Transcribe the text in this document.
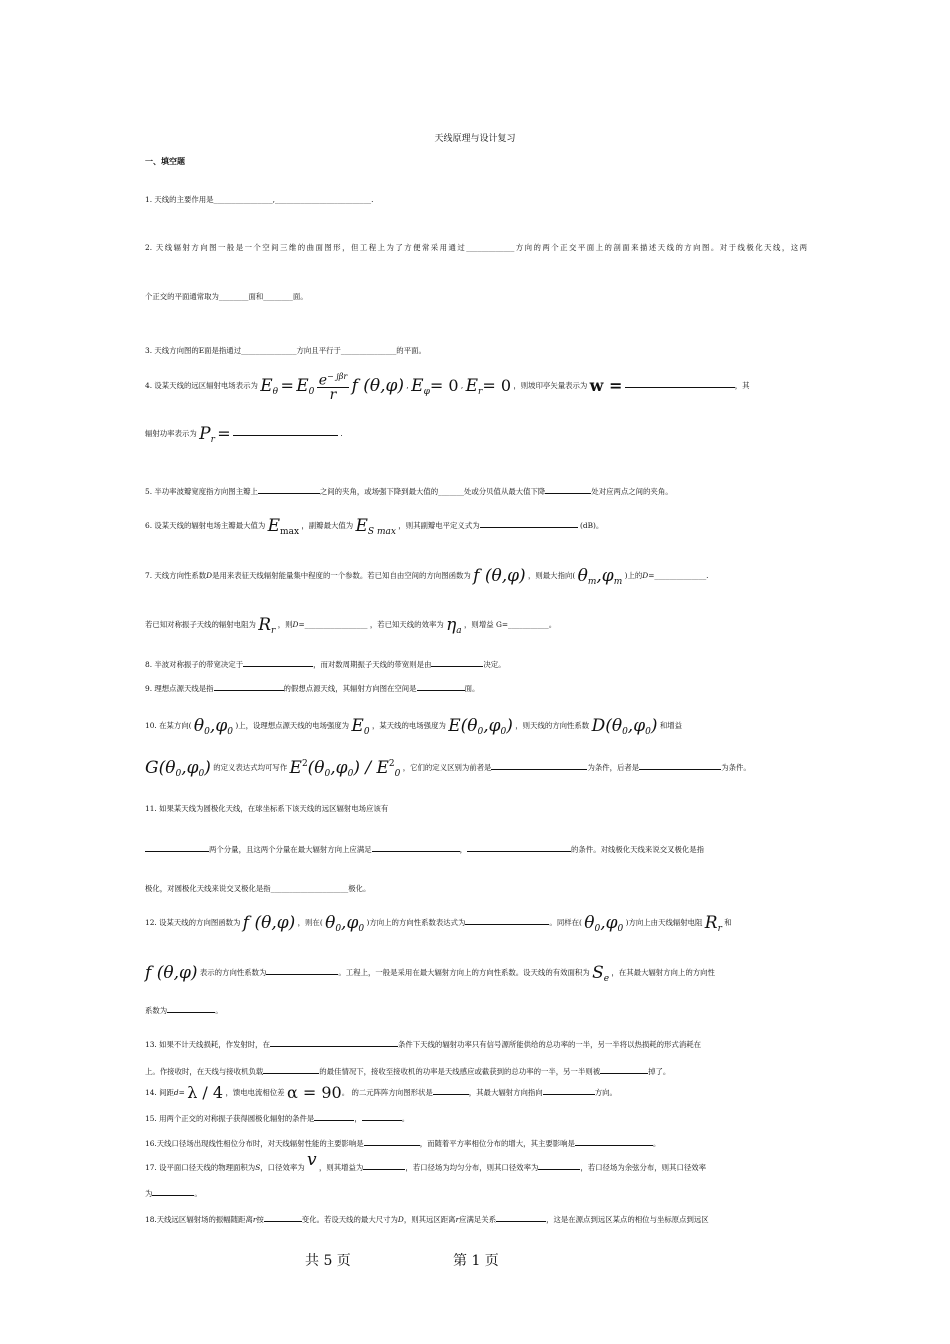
天线原理与设计复习
一、填空题
1. 天线的主要作用是________________,__________________________.
2. 天线辐射方向图一般是一个空间三维的曲面图形，但工程上为了方便常采用通过_____________方向的两个正交平面上的剖面来描述天线的方向图。对于线极化天线，这两
个正交的平面通常取为________面和________面。
3. 天线方向图的E面是指通过_______________方向且平行于_______________的平面。
4. 设某天线的远区辐射电场表示为 $E\theta = E0 \frac{e^{- j\beta r}}{r}$ f (θ,φ) , Eφ= 0 , Er= 0 ，则坡印亭矢量表示为 w =	，其
辐射功率表示为 Pr =	.
5. 半功率波瓣宽度指方向图主瓣上	之间的夹角，或场强下降到最大值的_______处或分贝值从最大值下降	处对应两点之间的夹角。
6. 设某天线的辐射电场主瓣最大值为 Emax ，副瓣最大值为 ES max ，则其副瓣电平定义式为	(dB)。
7. 天线方向性系数D是用来表征天线辐射能量集中程度的一个参数。若已知自由空间的方向图函数为 f (θ,φ) ，则最大指向( θm,φm )上的D=______________.
若已知对称振子天线的辐射电阻为 Rr ，则D=_________________ ，若已知天线的效率为 ηa ，则增益 G=___________。
8. 半波对称振子的带宽决定于	，而对数周期振子天线的带宽则是由	决定。
9. 理想点源天线是指	的假想点源天线，其辐射方向图在空间是	面。
10. 在某方向( θ0,φ0 )上，设理想点源天线的电场强度为 E0 ，某天线的电场强度为 E(θ0,φ0) ，则天线的方向性系数 D(θ0,φ0) 和增益
G(θ0,φ0) 的定义表达式均可写作 E2(θ0,φ0) / E20 ，它们的定义区别为前者是	为条件，后者是	为条件。
11. 如果某天线为圆极化天线，在球坐标系下该天线的远区辐射电场应该有
两个分量，且这两个分量在最大辐射方向上应满足	，	的条件。对线极化天线来说交叉极化是指
极化，对圆极化天线来说交叉极化是指_____________________极化。
12. 设某天线的方向图函数为 f (θ,φ) ，则在( θ0,φ0 )方向上的方向性系数表达式为	。同样在( θ0,φ0 )方向上由天线辐射电阻 Rr 和
f (θ,φ) 表示的方向性系数为	。工程上，一般是采用在最大辐射方向上的方向性系数。设天线的有效面积为 Se ，在其最大辐射方向上的方向性
系数为	。
13. 如果不计天线损耗，作发射时，在	条件下天线的辐射功率只有信号源所能供给的总功率的一半，另一半将以热损耗的形式消耗在
上。作接收时，在天线与接收机负载	的最佳情况下，接收至接收机的功率是天线感应或截获到的总功率的一半，另一半则被	掉了。
14. 间距d= λ / 4 ，馈电电流相位差 α = 90。 的二元阵阵方向图形状是	，其最大辐射方向指向	方向。
15. 用两个正交的对称振子获得圆极化辐射的条件是	，	。
16.天线口径场出现线性相位分布时，对天线辐射性能的主要影响是	，而随着平方率相位分布的增大，其主要影响是	。
17. 设平面口径天线的物理面积为S，口径效率为 v ，则其增益为	，若口径场为均匀分布，则其口径效率为	，若口径场为余弦分布，则其口径效率
为	。
18.天线远区辐射场的振幅随距离r按	变化。若设天线的最大尺寸为D，则其远区距离r应满足关系	，这是在源点到远区某点的相位与坐标原点到远区
共 5 页	第 1 页
